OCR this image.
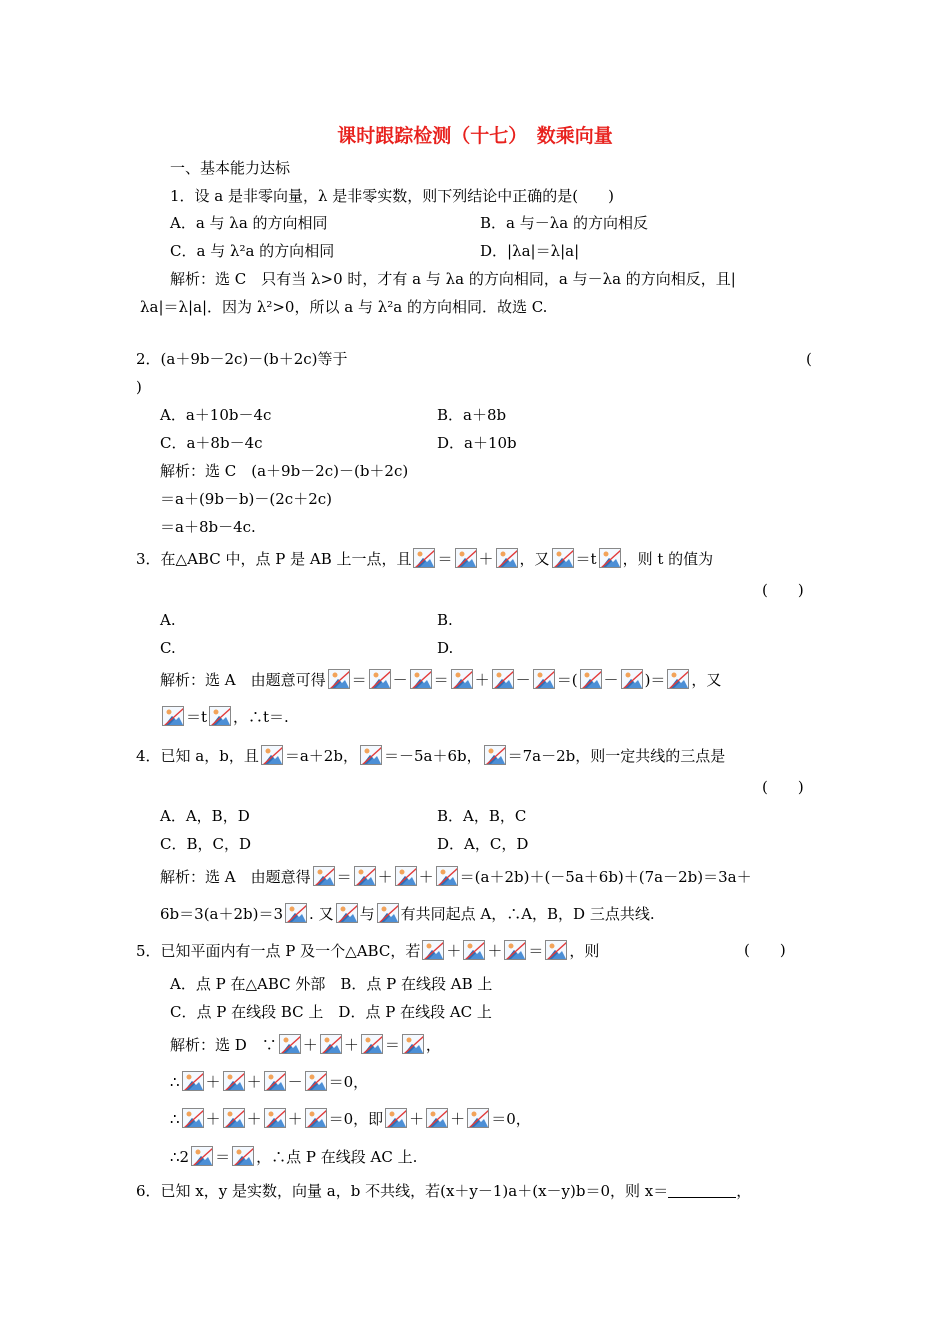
课时跟踪检测（十七）　数乘向量
一、基本能力达标
1．设 a 是非零向量，λ 是非零实数，则下列结论中正确的是(　　)
A．a 与 λa 的方向相同	B．a 与－λa 的方向相反
C．a 与 λ²a 的方向相同	D．|λa|＝λ|a|
解析：选 C　只有当 λ>0 时，才有 a 与 λa 的方向相同，a 与－λa 的方向相反，且|
λa|＝λ|a|．因为 λ²>0，所以 a 与 λ²a 的方向相同．故选 C.
2．(a＋9b－2c)－(b＋2c)等于	(
)
A．a＋10b－4c	B．a＋8b
C．a＋8b－4c	D．a＋10b
解析：选 C　(a＋9b－2c)－(b＋2c)
＝a＋(9b－b)－(2c＋2c)
＝a＋8b－4c.
3．在△ABC 中，点 P 是 AB 上一点，且 ＝ ＋ ，又 ＝t ，则 t 的值为
(　　)
A.	B.
C.	D.
解析：选 A　由题意可得 ＝ － ＝ ＋ － ＝( － )＝ ，又
＝t ，∴t＝.
4．已知 a，b，且 ＝a＋2b， ＝－5a＋6b， ＝7a－2b，则一定共线的三点是
(　　)
A．A，B，D	B．A，B，C
C．B，C，D	D．A，C，D
解析：选 A　由题意得 ＝ ＋ ＋ ＝(a＋2b)＋(－5a＋6b)＋(7a－2b)＝3a＋
6b＝3(a＋2b)＝3 . 又 与 有共同起点 A，∴A，B，D 三点共线.
5．已知平面内有一点 P 及一个△ABC，若 ＋ ＋ ＝ ，则	(　　)
A．点 P 在△ABC 外部　B．点 P 在线段 AB 上
C．点 P 在线段 BC 上　D．点 P 在线段 AC 上
解析：选 D　∵ ＋ ＋ ＝ ，
∴ ＋ ＋ － ＝0，
∴ ＋ ＋ ＋ ＝0，即 ＋ ＋ ＝0，
∴2 ＝ ，∴点 P 在线段 AC 上.
6．已知 x，y 是实数，向量 a，b 不共线，若(x＋y－1)a＋(x－y)b＝0，则 x＝	，
